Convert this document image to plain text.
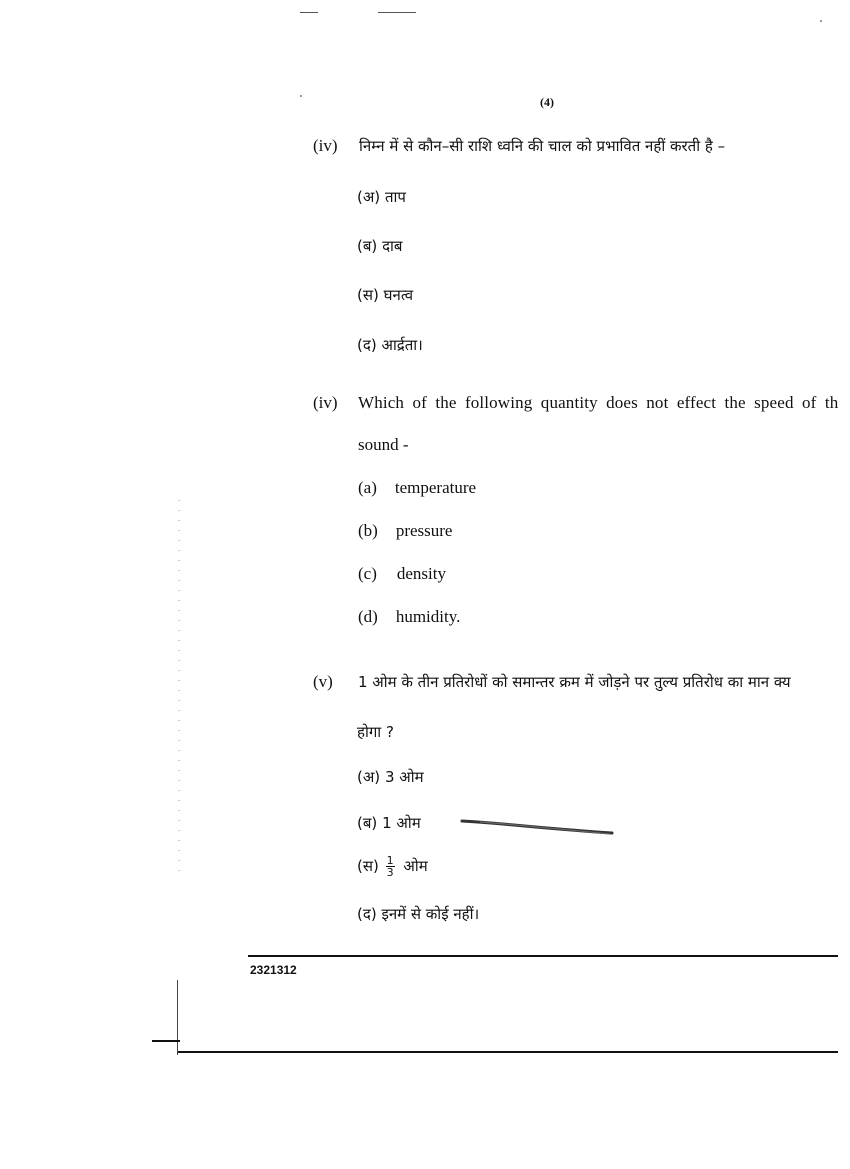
(4)
(iv) निम्न में से कौन–सी राशि ध्वनि की चाल को प्रभावित नहीं करती है –
(अ) ताप
(ब) दाब
(स) घनत्व
(द) आर्द्रता।
(iv) Which of the following quantity does not effect the speed of th
sound -
(a) temperature
(b) pressure
(c) density
(d) humidity.
(v) 1 ओम के तीन प्रतिरोधों को समान्तर क्रम में जोड़ने पर तुल्य प्रतिरोध का मान क्य
होगा ?
(अ) 3 ओम
(ब) 1 ओम
(स) $\frac{1}{3}$ ओम
(द) इनमें से कोई नहीं।
2321312
